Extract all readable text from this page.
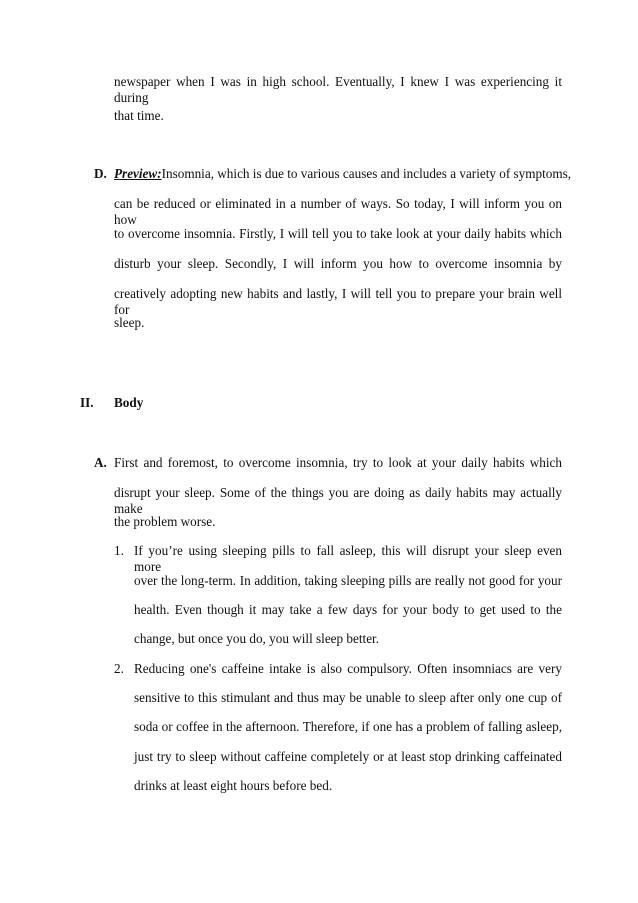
newspaper when I was in high school. Eventually, I knew I was experiencing it during
that time.
D. Preview:Insomnia, which is due to various causes and includes a variety of symptoms,
can be reduced or eliminated in a number of ways. So today, I will inform you on how
to overcome insomnia. Firstly, I will tell you to take look at your daily habits which
disturb your sleep. Secondly, I will inform you how to overcome insomnia by
creatively adopting new habits and lastly, I will tell you to prepare your brain well for
sleep.
II. Body
A. First and foremost, to overcome insomnia, try to look at your daily habits which
disrupt your sleep. Some of the things you are doing as daily habits may actually make
the problem worse.
1. If you’re using sleeping pills to fall asleep, this will disrupt your sleep even more
over the long-term. In addition, taking sleeping pills are really not good for your
health. Even though it may take a few days for your body to get used to the
change, but once you do, you will sleep better.
2. Reducing one's caffeine intake is also compulsory. Often insomniacs are very
sensitive to this stimulant and thus may be unable to sleep after only one cup of
soda or coffee in the afternoon. Therefore, if one has a problem of falling asleep,
just try to sleep without caffeine completely or at least stop drinking caffeinated
drinks at least eight hours before bed.
